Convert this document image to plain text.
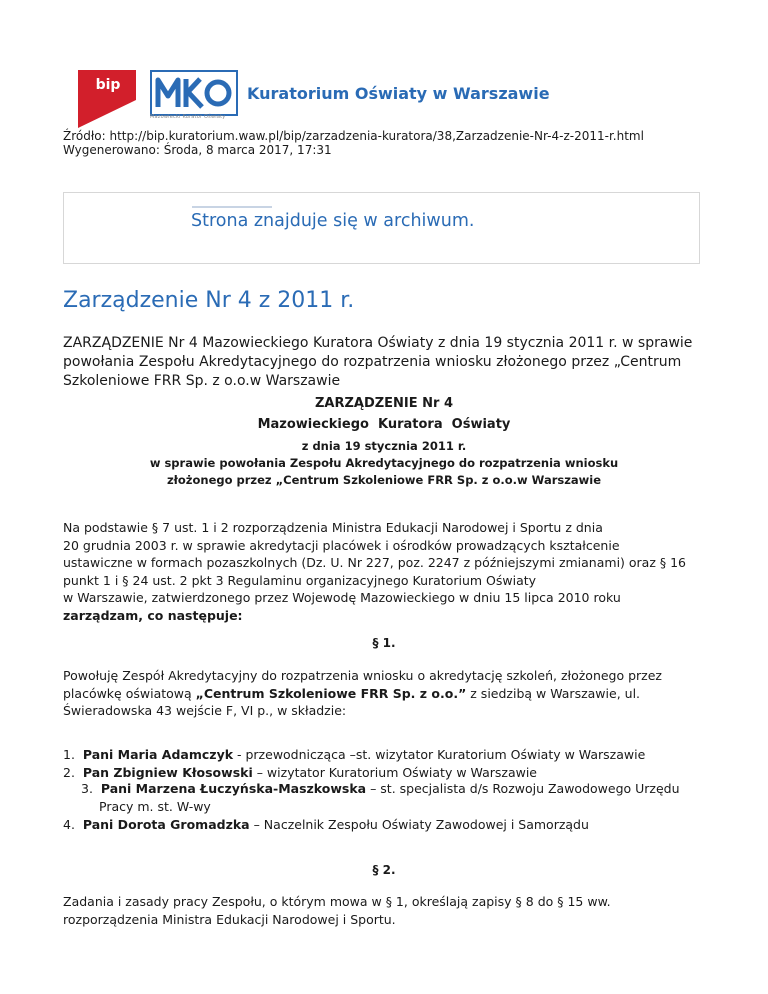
bip
Mazowiecki Kurator Oświaty
Kuratorium Oświaty w Warszawie
Źródło: http://bip.kuratorium.waw.pl/bip/zarzadzenia-kuratora/38,Zarzadzenie-Nr-4-z-2011-r.html
Wygenerowano: Środa, 8 marca 2017, 17:31
Strona znajduje się w archiwum.
Zarządzenie Nr 4 z 2011 r.
ZARZĄDZENIE Nr 4 Mazowieckiego Kuratora Oświaty z dnia 19 stycznia 2011 r. w sprawie powołania Zespołu Akredytacyjnego do rozpatrzenia wniosku złożonego przez „Centrum Szkoleniowe FRR Sp. z o.o.w Warszawie
ZARZĄDZENIE Nr 4
Mazowieckiego  Kuratora  Oświaty
z dnia 19 stycznia 2011 r.
w sprawie powołania Zespołu Akredytacyjnego do rozpatrzenia wniosku
złożonego przez „Centrum Szkoleniowe FRR Sp. z o.o.w Warszawie
Na podstawie § 7 ust. 1 i 2 rozporządzenia Ministra Edukacji Narodowej i Sportu z dnia
20 grudnia 2003 r. w sprawie akredytacji placówek i ośrodków prowadzących kształcenie
ustawiczne w formach pozaszkolnych (Dz. U. Nr 227, poz. 2247 z późniejszymi zmianami) oraz § 16
punkt 1 i § 24 ust. 2 pkt 3 Regulaminu organizacyjnego Kuratorium Oświaty
w Warszawie, zatwierdzonego przez Wojewodę Mazowieckiego w dniu 15 lipca 2010 roku
zarządzam, co następuje:
§ 1.
Powołuję Zespół Akredytacyjny do rozpatrzenia wniosku o akredytację szkoleń, złożonego przez
placówkę oświatową „Centrum Szkoleniowe FRR Sp. z o.o.” z siedzibą w Warszawie, ul.
Świeradowska 43 wejście F, VI p., w składzie:
1. Pani Maria Adamczyk - przewodnicząca –st. wizytator Kuratorium Oświaty w Warszawie
2. Pan Zbigniew Kłosowski – wizytator Kuratorium Oświaty w Warszawie
3. Pani Marzena Łuczyńska-Maszkowska – st. specjalista d/s Rozwoju Zawodowego Urzędu
Pracy m. st. W-wy
4. Pani Dorota Gromadzka – Naczelnik Zespołu Oświaty Zawodowej i Samorządu
§ 2.
Zadania i zasady pracy Zespołu, o którym mowa w § 1, określają zapisy § 8 do § 15 ww.
rozporządzenia Ministra Edukacji Narodowej i Sportu.
